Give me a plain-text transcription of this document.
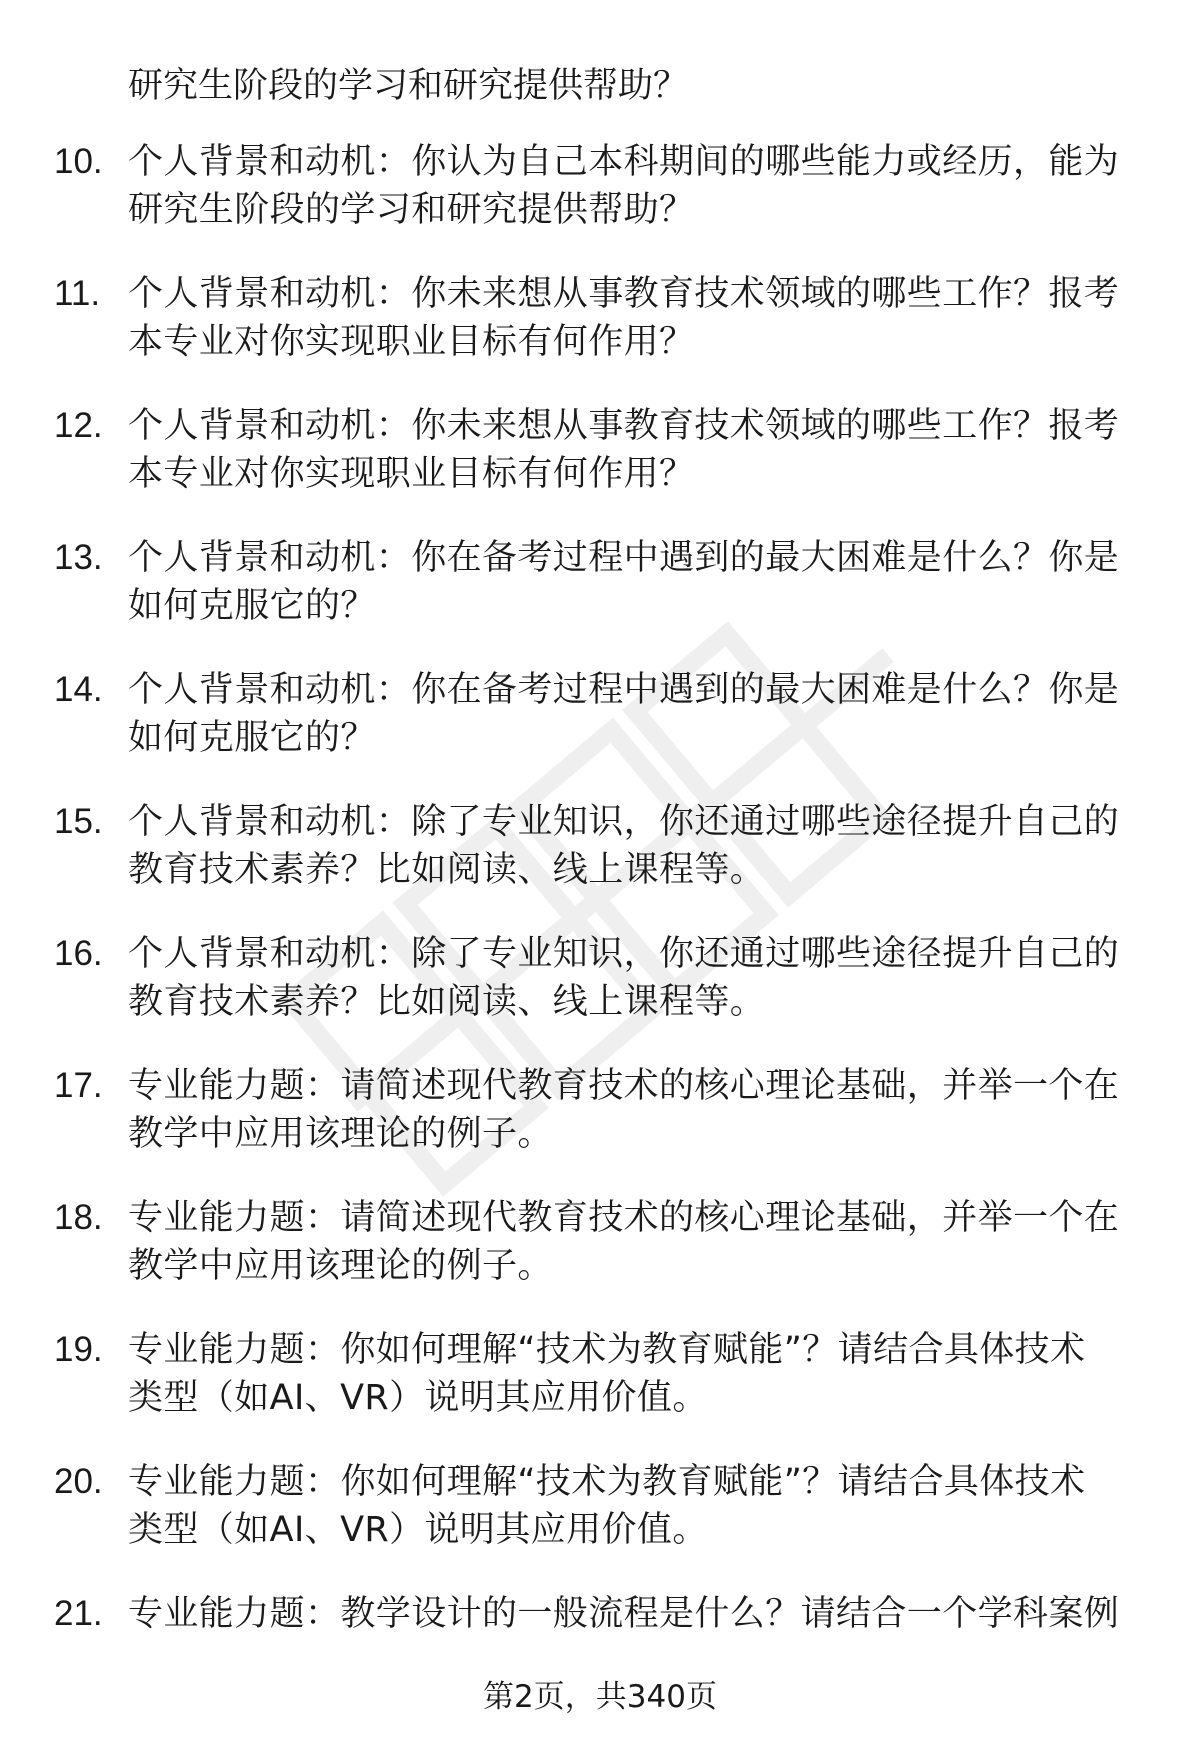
研究生阶段的学习和研究提供帮助？
10. 个人背景和动机：你认为自己本科期间的哪些能力或经历，能为
研究生阶段的学习和研究提供帮助？
11. 个人背景和动机：你未来想从事教育技术领域的哪些工作？报考
本专业对你实现职业目标有何作用？
12. 个人背景和动机：你未来想从事教育技术领域的哪些工作？报考
本专业对你实现职业目标有何作用？
13. 个人背景和动机：你在备考过程中遇到的最大困难是什么？你是
如何克服它的？
14. 个人背景和动机：你在备考过程中遇到的最大困难是什么？你是
如何克服它的？
15. 个人背景和动机：除了专业知识，你还通过哪些途径提升自己的
教育技术素养？比如阅读、线上课程等。
16. 个人背景和动机：除了专业知识，你还通过哪些途径提升自己的
教育技术素养？比如阅读、线上课程等。
17. 专业能力题：请简述现代教育技术的核心理论基础，并举一个在
教学中应用该理论的例子。
18. 专业能力题：请简述现代教育技术的核心理论基础，并举一个在
教学中应用该理论的例子。
19. 专业能力题：你如何理解“技术为教育赋能”？请结合具体技术
类型（如AI、VR）说明其应用价值。
20. 专业能力题：你如何理解“技术为教育赋能”？请结合具体技术
类型（如AI、VR）说明其应用价值。
21. 专业能力题：教学设计的一般流程是什么？请结合一个学科案例
第2页，共340页
